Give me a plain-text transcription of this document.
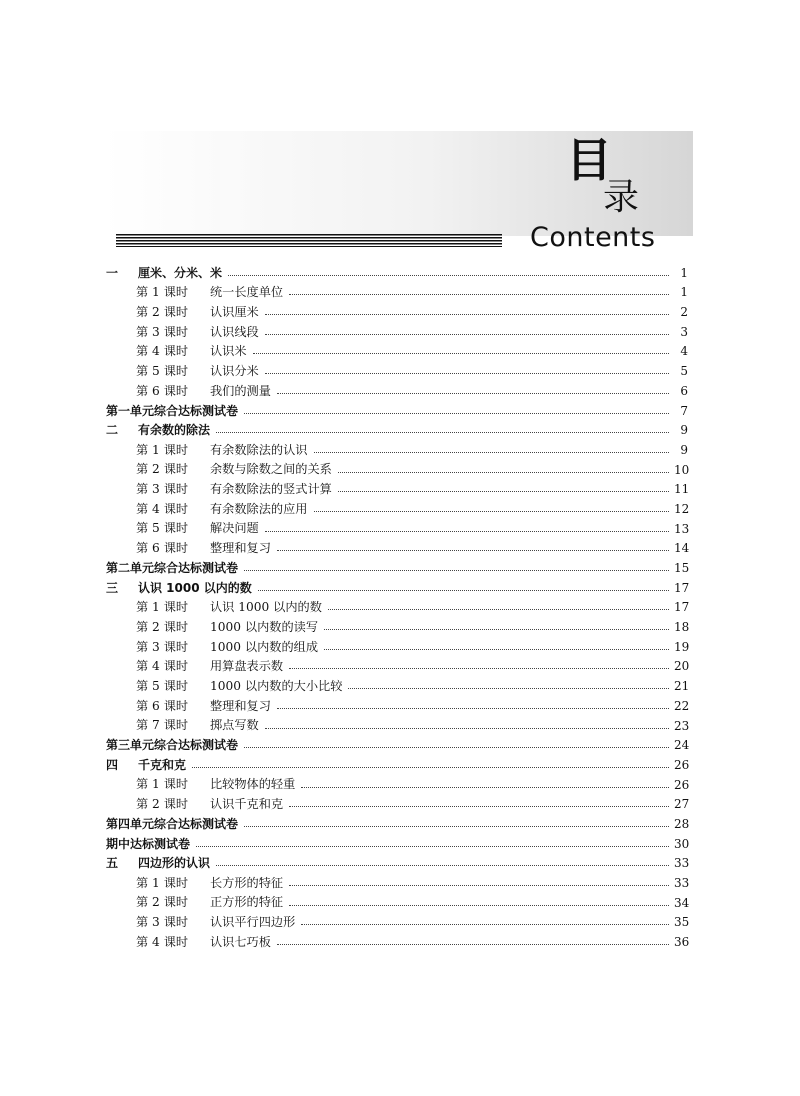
目
录
Contents
一	厘米、分米、米	1
第 1 课时	统一长度单位	1
第 2 课时	认识厘米	2
第 3 课时	认识线段	3
第 4 课时	认识米	4
第 5 课时	认识分米	5
第 6 课时	我们的测量	6
第一单元综合达标测试卷	7
二	有余数的除法	9
第 1 课时	有余数除法的认识	9
第 2 课时	余数与除数之间的关系	10
第 3 课时	有余数除法的竖式计算	11
第 4 课时	有余数除法的应用	12
第 5 课时	解决问题	13
第 6 课时	整理和复习	14
第二单元综合达标测试卷	15
三	认识 1000 以内的数	17
第 1 课时	认识 1000 以内的数	17
第 2 课时	1000 以内数的读写	18
第 3 课时	1000 以内数的组成	19
第 4 课时	用算盘表示数	20
第 5 课时	1000 以内数的大小比较	21
第 6 课时	整理和复习	22
第 7 课时	掷点写数	23
第三单元综合达标测试卷	24
四	千克和克	26
第 1 课时	比较物体的轻重	26
第 2 课时	认识千克和克	27
第四单元综合达标测试卷	28
期中达标测试卷	30
五	四边形的认识	33
第 1 课时	长方形的特征	33
第 2 课时	正方形的特征	34
第 3 课时	认识平行四边形	35
第 4 课时	认识七巧板	36
